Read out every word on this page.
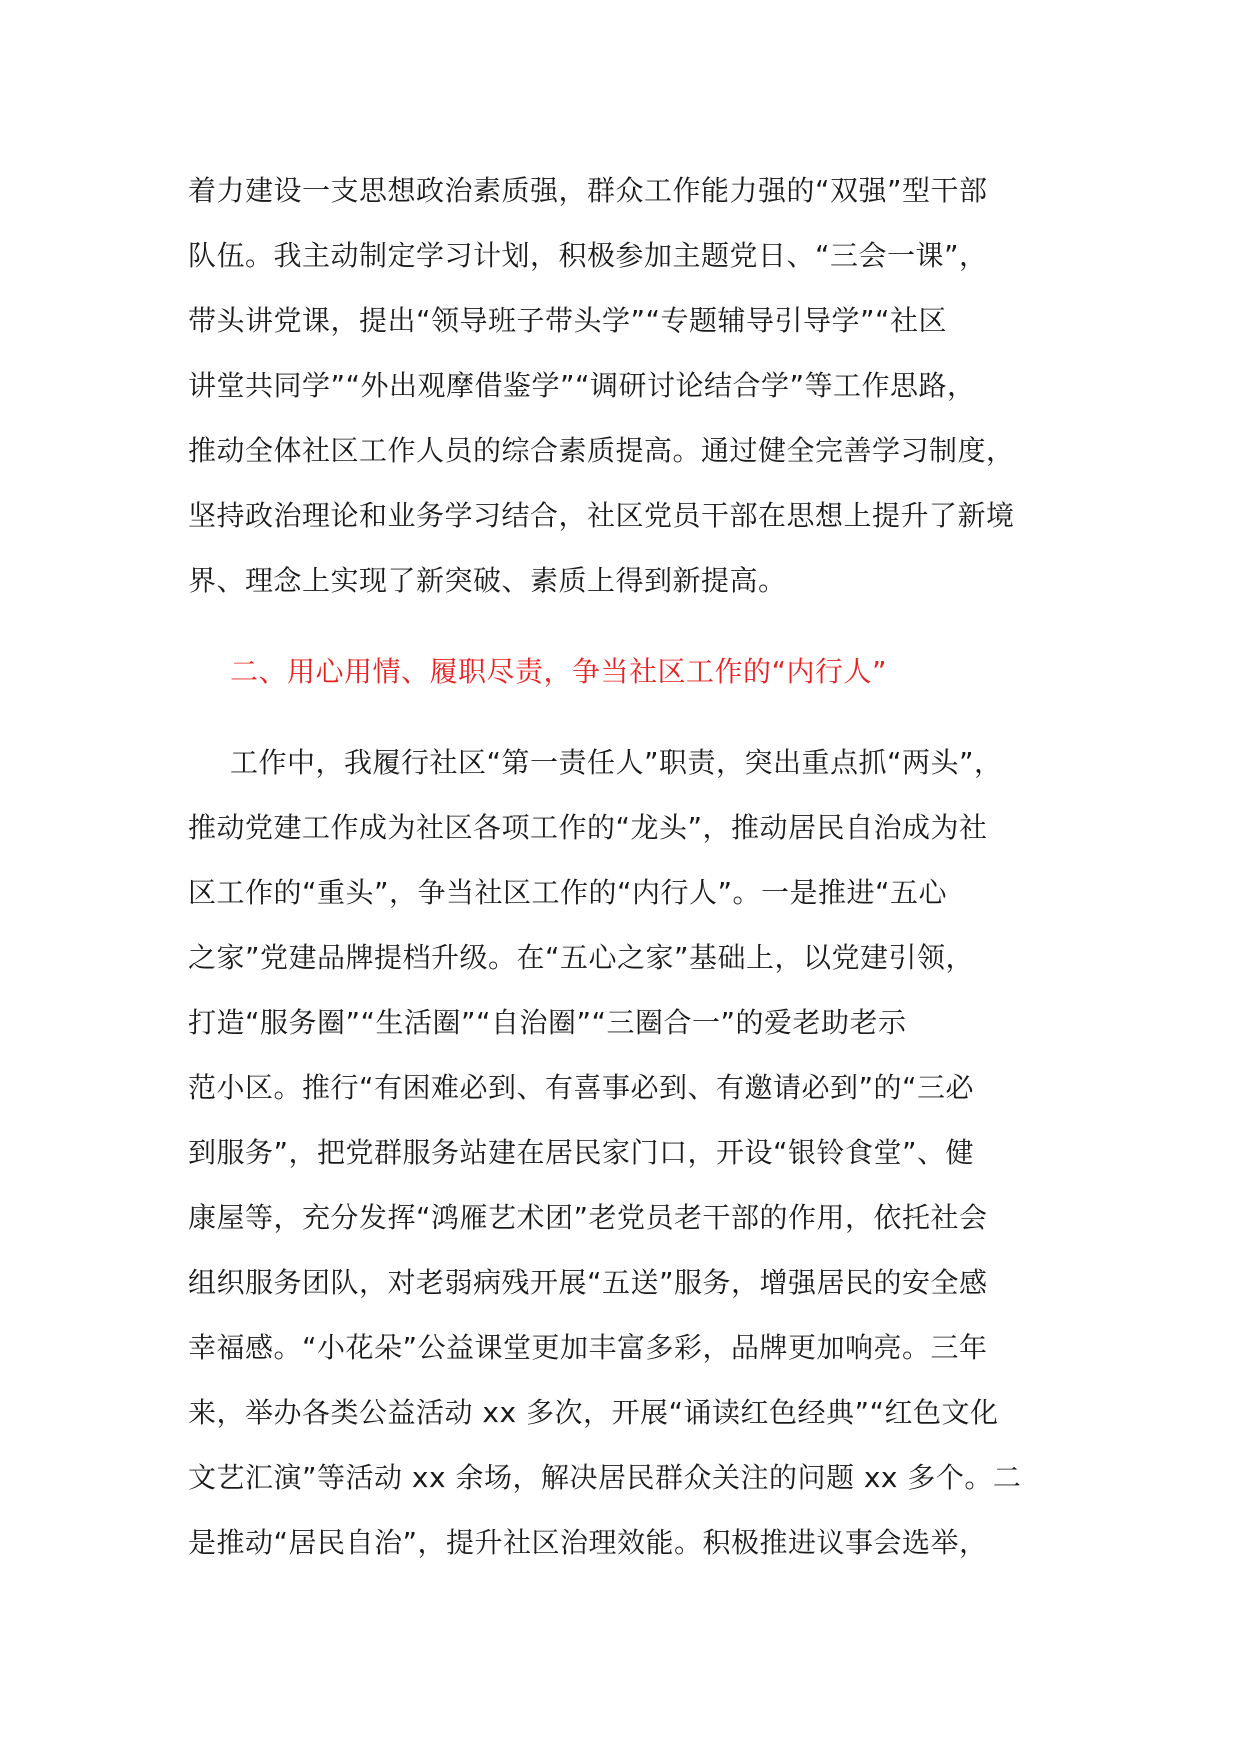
着力建设一支思想政治素质强，群众工作能力强的“双强”型干部
队伍。我主动制定学习计划，积极参加主题党日、“三会一课”，
带头讲党课，提出“领导班子带头学”“专题辅导引导学”“社区
讲堂共同学”“外出观摩借鉴学”“调研讨论结合学”等工作思路，
推动全体社区工作人员的综合素质提高。通过健全完善学习制度，
坚持政治理论和业务学习结合，社区党员干部在思想上提升了新境
界、理念上实现了新突破、素质上得到新提高。
二、用心用情、履职尽责，争当社区工作的“内行人”
工作中，我履行社区“第一责任人”职责，突出重点抓“两头”，
推动党建工作成为社区各项工作的“龙头”，推动居民自治成为社
区工作的“重头”，争当社区工作的“内行人”。一是推进“五心
之家”党建品牌提档升级。在“五心之家”基础上，以党建引领，
打造“服务圈”“生活圈”“自治圈”“三圈合一”的爱老助老示
范小区。推行“有困难必到、有喜事必到、有邀请必到”的“三必
到服务”，把党群服务站建在居民家门口，开设“银铃食堂”、健
康屋等，充分发挥“鸿雁艺术团”老党员老干部的作用，依托社会
组织服务团队，对老弱病残开展“五送”服务，增强居民的安全感
幸福感。“小花朵”公益课堂更加丰富多彩，品牌更加响亮。三年
来，举办各类公益活动 xx 多次，开展“诵读红色经典”“红色文化
文艺汇演”等活动 xx 余场，解决居民群众关注的问题 xx 多个。二
是推动“居民自治”，提升社区治理效能。积极推进议事会选举，
